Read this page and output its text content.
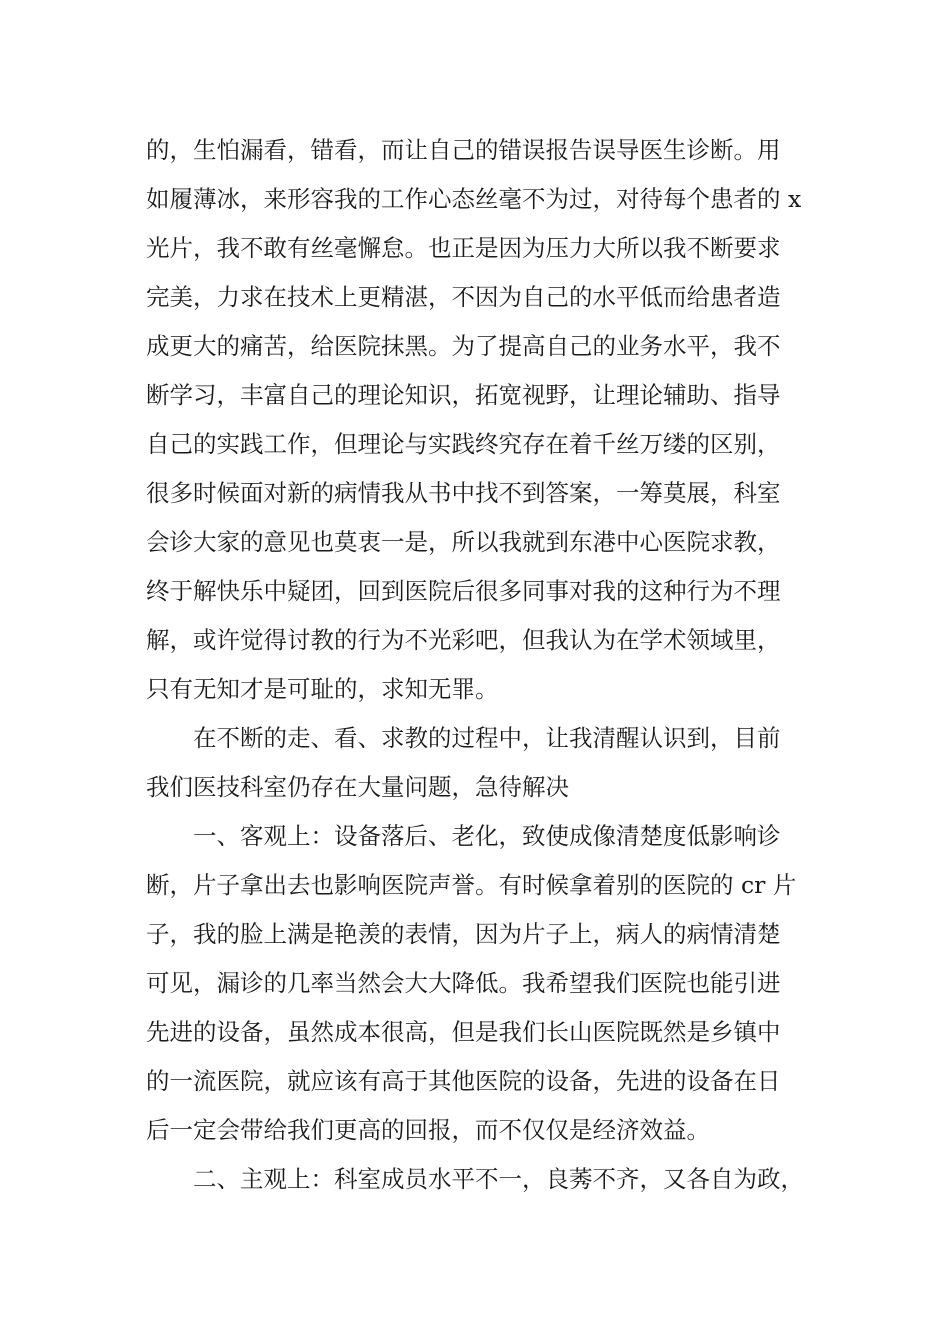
的，生怕漏看，错看，而让自己的错误报告误导医生诊断。用
如履薄冰，来形容我的工作心态丝毫不为过，对待每个患者的 x
光片，我不敢有丝毫懈怠。也正是因为压力大所以我不断要求
完美，力求在技术上更精湛，不因为自己的水平低而给患者造
成更大的痛苦，给医院抹黑。为了提高自己的业务水平，我不
断学习，丰富自己的理论知识，拓宽视野，让理论辅助、指导
自己的实践工作，但理论与实践终究存在着千丝万缕的区别，
很多时候面对新的病情我从书中找不到答案，一筹莫展，科室
会诊大家的意见也莫衷一是，所以我就到东港中心医院求教，
终于解快乐中疑团，回到医院后很多同事对我的这种行为不理
解，或许觉得讨教的行为不光彩吧，但我认为在学术领域里，
只有无知才是可耻的，求知无罪。
　　在不断的走、看、求教的过程中，让我清醒认识到，目前
我们医技科室仍存在大量问题，急待解决
　　一、客观上：设备落后、老化，致使成像清楚度低影响诊
断，片子拿出去也影响医院声誉。有时候拿着别的医院的 cr 片
子，我的脸上满是艳羡的表情，因为片子上，病人的病情清楚
可见，漏诊的几率当然会大大降低。我希望我们医院也能引进
先进的设备，虽然成本很高，但是我们长山医院既然是乡镇中
的一流医院，就应该有高于其他医院的设备，先进的设备在日
后一定会带给我们更高的回报，而不仅仅是经济效益。
　　二、主观上：科室成员水平不一，良莠不齐，又各自为政，
